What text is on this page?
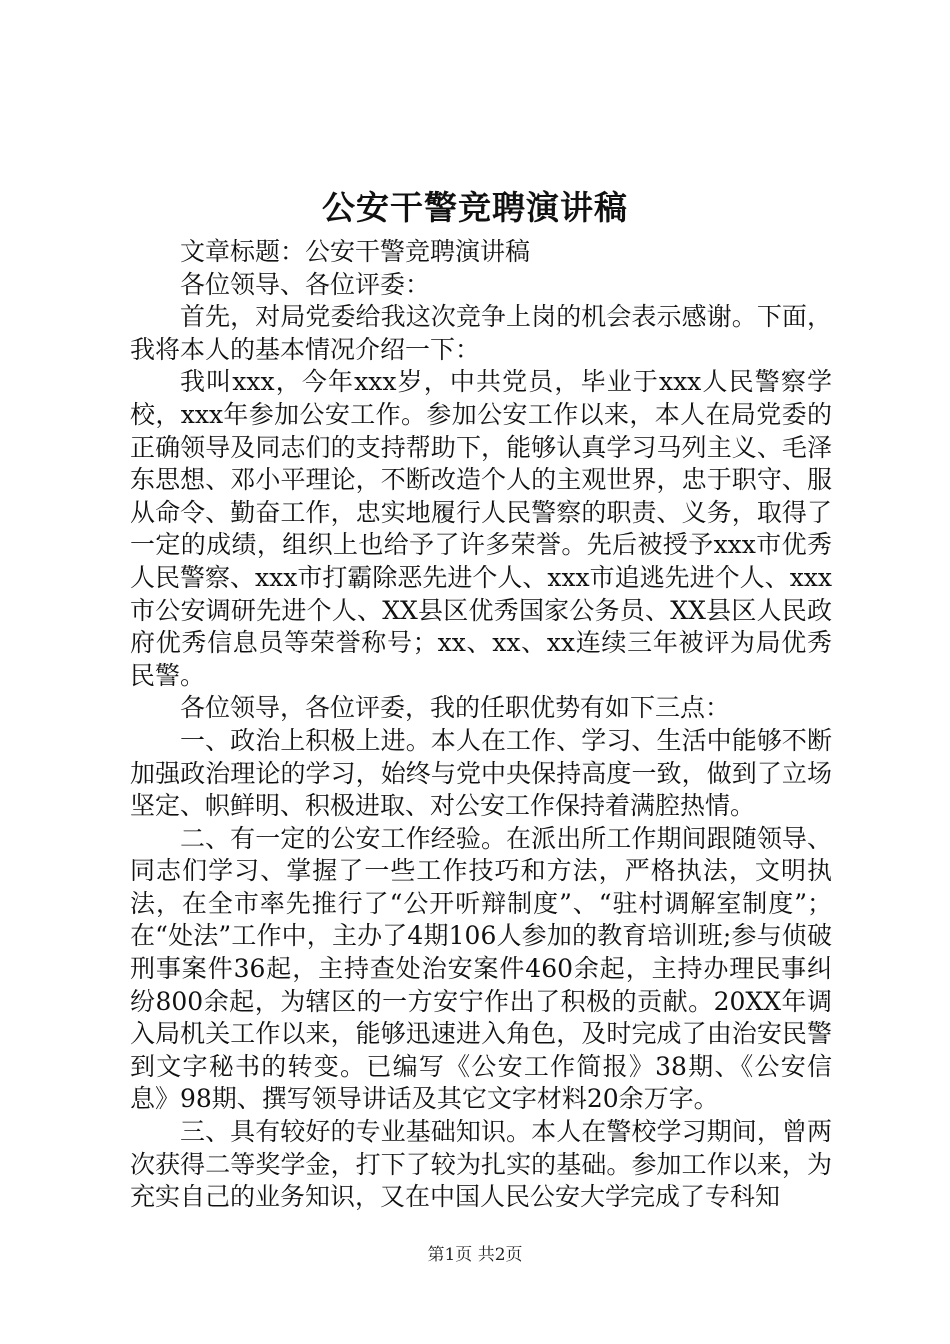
公安干警竞聘演讲稿

文章标题：公安干警竞聘演讲稿

各位领导、各位评委：

首先，对局党委给我这次竞争上岗的机会表示感谢。下面，我将本人的基本情况介绍一下：

我叫xxx，今年xxx岁，中共党员，毕业于xxx人民警察学校，xxx年参加公安工作。参加公安工作以来，本人在局党委的正确领导及同志们的支持帮助下，能够认真学习马列主义、毛泽东思想、邓小平理论，不断改造个人的主观世界，忠于职守、服从命令、勤奋工作，忠实地履行人民警察的职责、义务，取得了一定的成绩，组织上也给予了许多荣誉。先后被授予xxx市优秀人民警察、xxx市打霸除恶先进个人、xxx市追逃先进个人、xxx市公安调研先进个人、XX县区优秀国家公务员、XX县区人民政府优秀信息员等荣誉称号；xx、xx、xx连续三年被评为局优秀民警。

各位领导，各位评委，我的任职优势有如下三点：

一、政治上积极上进。本人在工作、学习、生活中能够不断加强政治理论的学习，始终与党中央保持高度一致，做到了立场坚定、帜鲜明、积极进取、对公安工作保持着满腔热情。

二、有一定的公安工作经验。在派出所工作期间跟随领导、同志们学习、掌握了一些工作技巧和方法，严格执法，文明执法，在全市率先推行了“公开听辩制度”、“驻村调解室制度”；在“处法”工作中，主办了4期106人参加的教育培训班;参与侦破刑事案件36起，主持查处治安案件460余起，主持办理民事纠纷800余起，为辖区的一方安宁作出了积极的贡献。20XX年调入局机关工作以来，能够迅速进入角色，及时完成了由治安民警到文字秘书的转变。已编写《公安工作简报》38期、《公安信息》98期、撰写领导讲话及其它文字材料20余万字。

三、具有较好的专业基础知识。本人在警校学习期间，曾两次获得二等奖学金，打下了较为扎实的基础。参加工作以来，为充实自己的业务知识，又在中国人民公安大学完成了专科知

第1页 共2页
